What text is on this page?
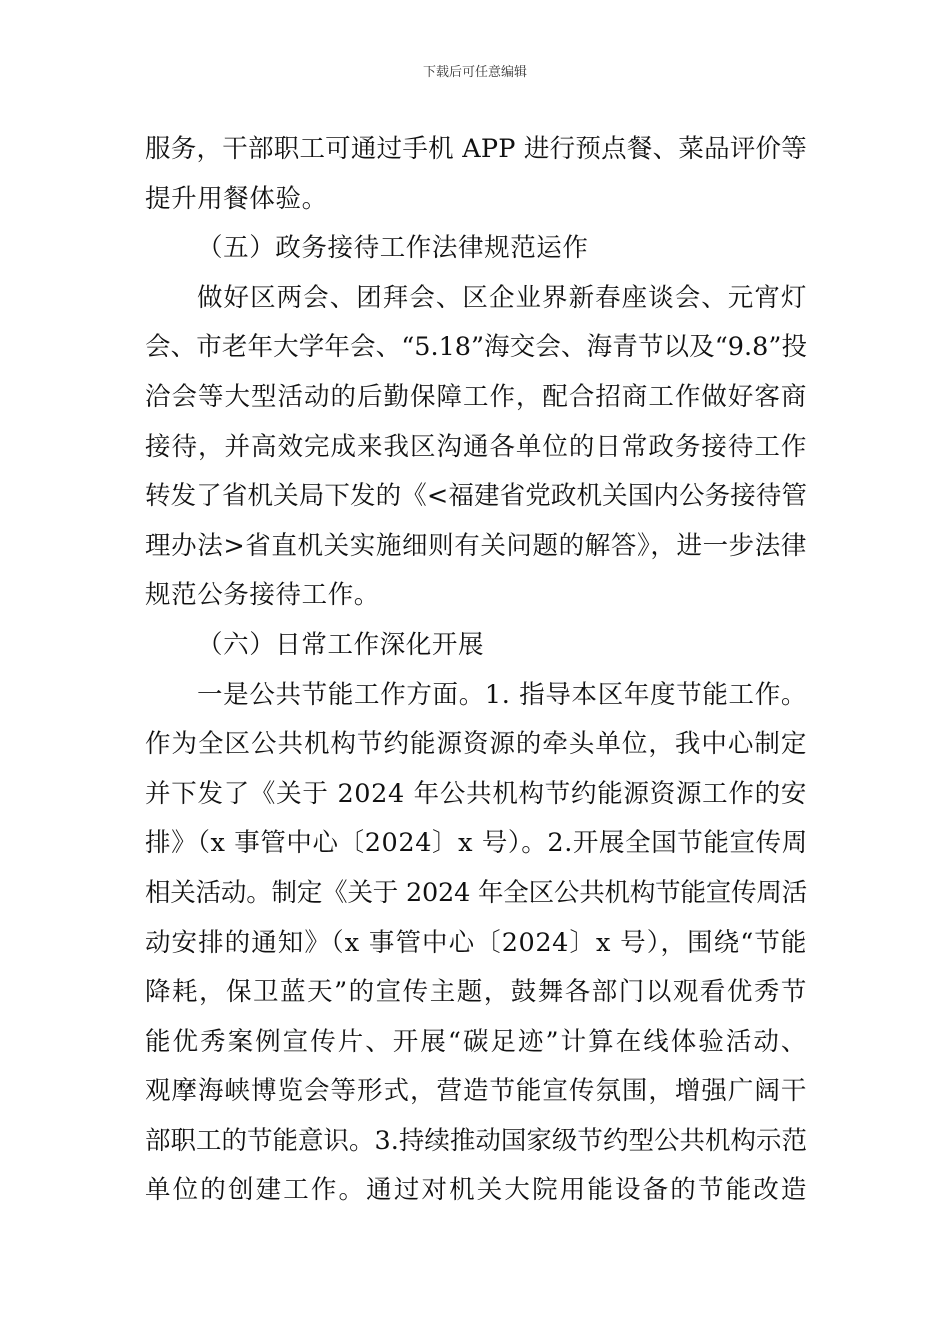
下载后可任意编辑
服务，干部职工可通过手机 APP 进行预点餐、菜品评价等
提升用餐体验。
（五）政务接待工作法律规范运作
做好区两会、团拜会、区企业界新春座谈会、元宵灯
会、市老年大学年会、“5.18”海交会、海青节以及“9.8”投
洽会等大型活动的后勤保障工作，配合招商工作做好客商
接待，并高效完成来我区沟通各单位的日常政务接待工作
转发了省机关局下发的《<福建省党政机关国内公务接待管
理办法>省直机关实施细则有关问题的解答》，进一步法律
规范公务接待工作。
（六）日常工作深化开展
一是公共节能工作方面。1. 指导本区年度节能工作。
作为全区公共机构节约能源资源的牵头单位，我中心制定
并下发了《关于 2024 年公共机构节约能源资源工作的安
排》（x 事管中心〔2024〕x 号）。2.开展全国节能宣传周
相关活动。制定《关于 2024 年全区公共机构节能宣传周活
动安排的通知》（x 事管中心〔2024〕x 号），围绕“节能
降耗，保卫蓝天”的宣传主题，鼓舞各部门以观看优秀节
能优秀案例宣传片、开展“碳足迹”计算在线体验活动、
观摩海峡博览会等形式，营造节能宣传氛围，增强广阔干
部职工的节能意识。3.持续推动国家级节约型公共机构示范
单位的创建工作。通过对机关大院用能设备的节能改造
